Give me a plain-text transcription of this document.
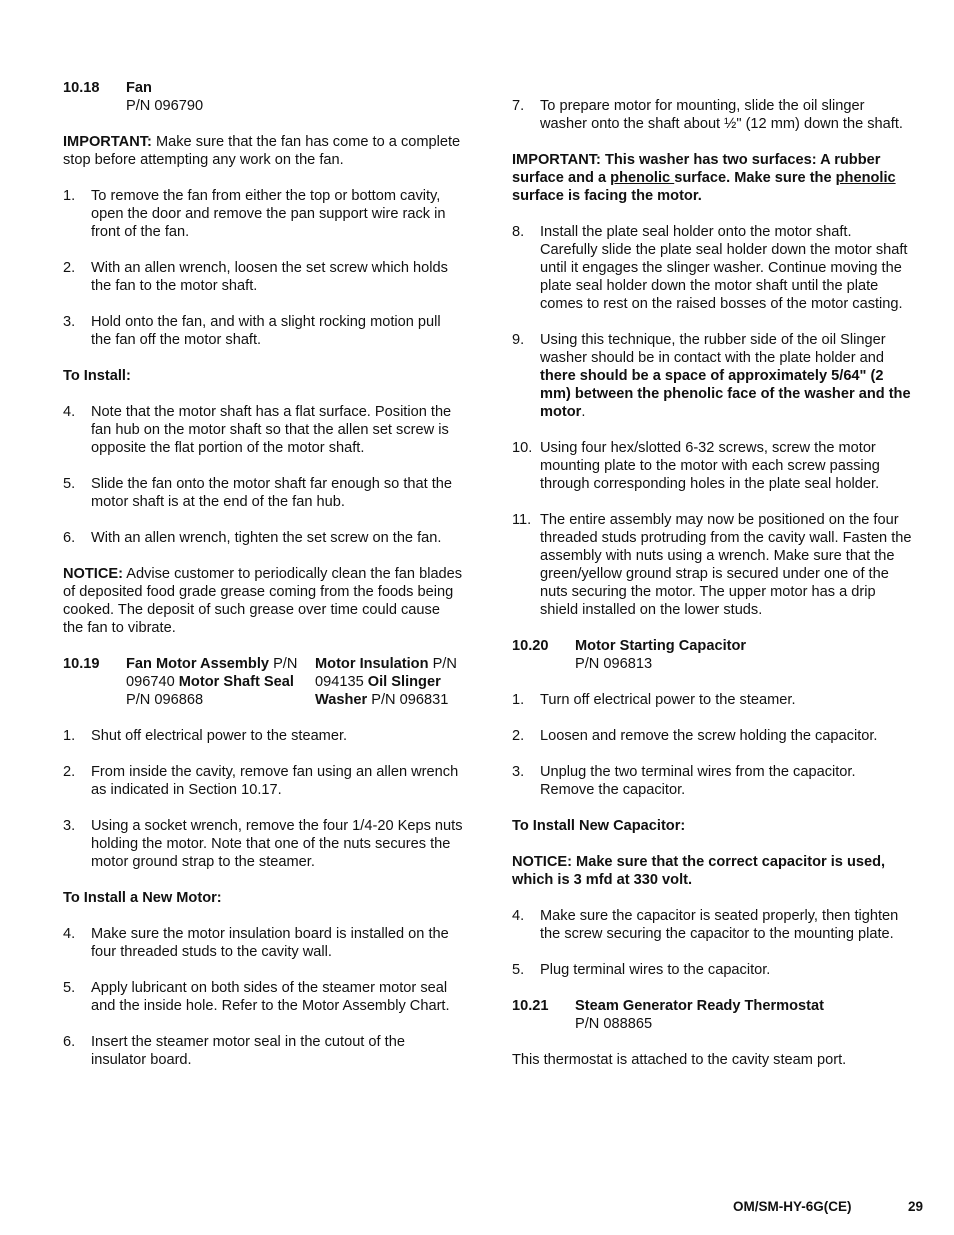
10.18	Fan
P/N 096790

IMPORTANT: Make sure that the fan has come to a complete stop before attempting any work on the fan.

1.	To remove the fan from either the top or bottom cavity, open the door and remove the pan support wire rack in front of the fan.
2.	With an allen wrench, loosen the set screw which holds the fan to the motor shaft.
3.	Hold onto the fan, and with a slight rocking motion pull the fan off the motor shaft.

To Install:

4.	Note that the motor shaft has a flat surface. Position the fan hub on the motor shaft so that the allen set screw is opposite the flat portion of the motor shaft.
5.	Slide the fan onto the motor shaft far enough so that the motor shaft is at the end of the fan hub.
6.	With an allen wrench, tighten the set screw on the fan.

NOTICE: Advise customer to periodically clean the fan blades of deposited food grade grease coming from the foods being cooked. The deposit of such grease over time could cause the fan to vibrate.

10.19	Fan Motor Assembly P/N 096740 Motor Shaft Seal P/N 096868
Motor Insulation P/N 094135 Oil Slinger Washer P/N 096831
1.	Shut off electrical power to the steamer.
2.	From inside the cavity, remove fan using an allen wrench as indicated in Section 10.17.
3.	Using a socket wrench, remove the four 1/4-20 Keps nuts holding the motor. Note that one of the nuts secures the motor ground strap to the steamer.

To Install a New Motor:

4.	Make sure the motor insulation board is installed on the four threaded studs to the cavity wall.
5.	Apply lubricant on both sides of the steamer motor seal and the inside hole. Refer to the Motor Assembly Chart.
6.	Insert the steamer motor seal in the cutout of the insulator board.
7.	To prepare motor for mounting, slide the oil slinger washer onto the shaft about ½" (12 mm) down the shaft.

IMPORTANT: This washer has two surfaces: A rubber surface and a phenolic surface. Make sure the phenolic surface is facing the motor.

8.	Install the plate seal holder onto the motor shaft. Carefully slide the plate seal holder down the motor shaft until it engages the slinger washer. Continue moving the plate seal holder down the motor shaft until the plate comes to rest on the raised bosses of the motor casting.
9.	Using this technique, the rubber side of the oil Slinger washer should be in contact with the plate holder and there should be a space of approximately 5/64" (2 mm) between the phenolic face of the washer and the motor.
10. Using four hex/slotted 6-32 screws, screw the motor mounting plate to the motor with each screw passing through corresponding holes in the plate seal holder.
11. The entire assembly may now be positioned on the four threaded studs protruding from the cavity wall. Fasten the assembly with nuts using a wrench. Make sure that the green/yellow ground strap is secured under one of the nuts securing the motor. The upper motor has a drip shield installed on the lower studs.
10.20	Motor Starting Capacitor
P/N 096813
1.	Turn off electrical power to the steamer.
2.	Loosen and remove the screw holding the capacitor.
3.	Unplug the two terminal wires from the capacitor. Remove the capacitor.

To Install New Capacitor:

NOTICE: Make sure that the correct capacitor is used, which is 3 mfd at 330 volt.

4.	Make sure the capacitor is seated properly, then tighten the screw securing the capacitor to the mounting plate.
5.	Plug terminal wires to the capacitor.
10.21	Steam Generator Ready Thermostat
P/N 088865

This thermostat is attached to the cavity steam port.

OM/SM-HY-6G(CE)	29
